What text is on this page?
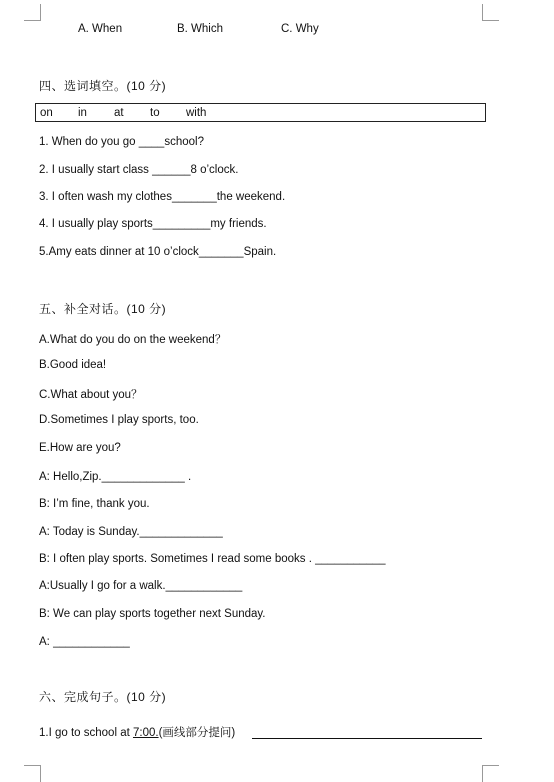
A. When	B. Which	C. Why
四、选词填空。(10 分)
on in at to with
1. When do you go ____school?
2. I usually start class ______8 o’clock.
3. I often wash my clothes_______the weekend.
4. I usually play sports_________my friends.
5.Amy eats dinner at 10 o’clock_______Spain.
五、补全对话。(10 分)
A.What do you do on the weekend？
B.Good idea!
C.What about you？
D.Sometimes I play sports, too.
E.How are you?
A: Hello,Zip._____________ .
B: I’m fine, thank you.
A: Today is Sunday._____________
B: I often play sports. Sometimes I read some books . ___________
A:Usually I go for a walk.____________
B: We can play sports together next Sunday.
A: ____________
六、完成句子。(10 分)
1.I go to school at 7:00.(画线部分提问)
